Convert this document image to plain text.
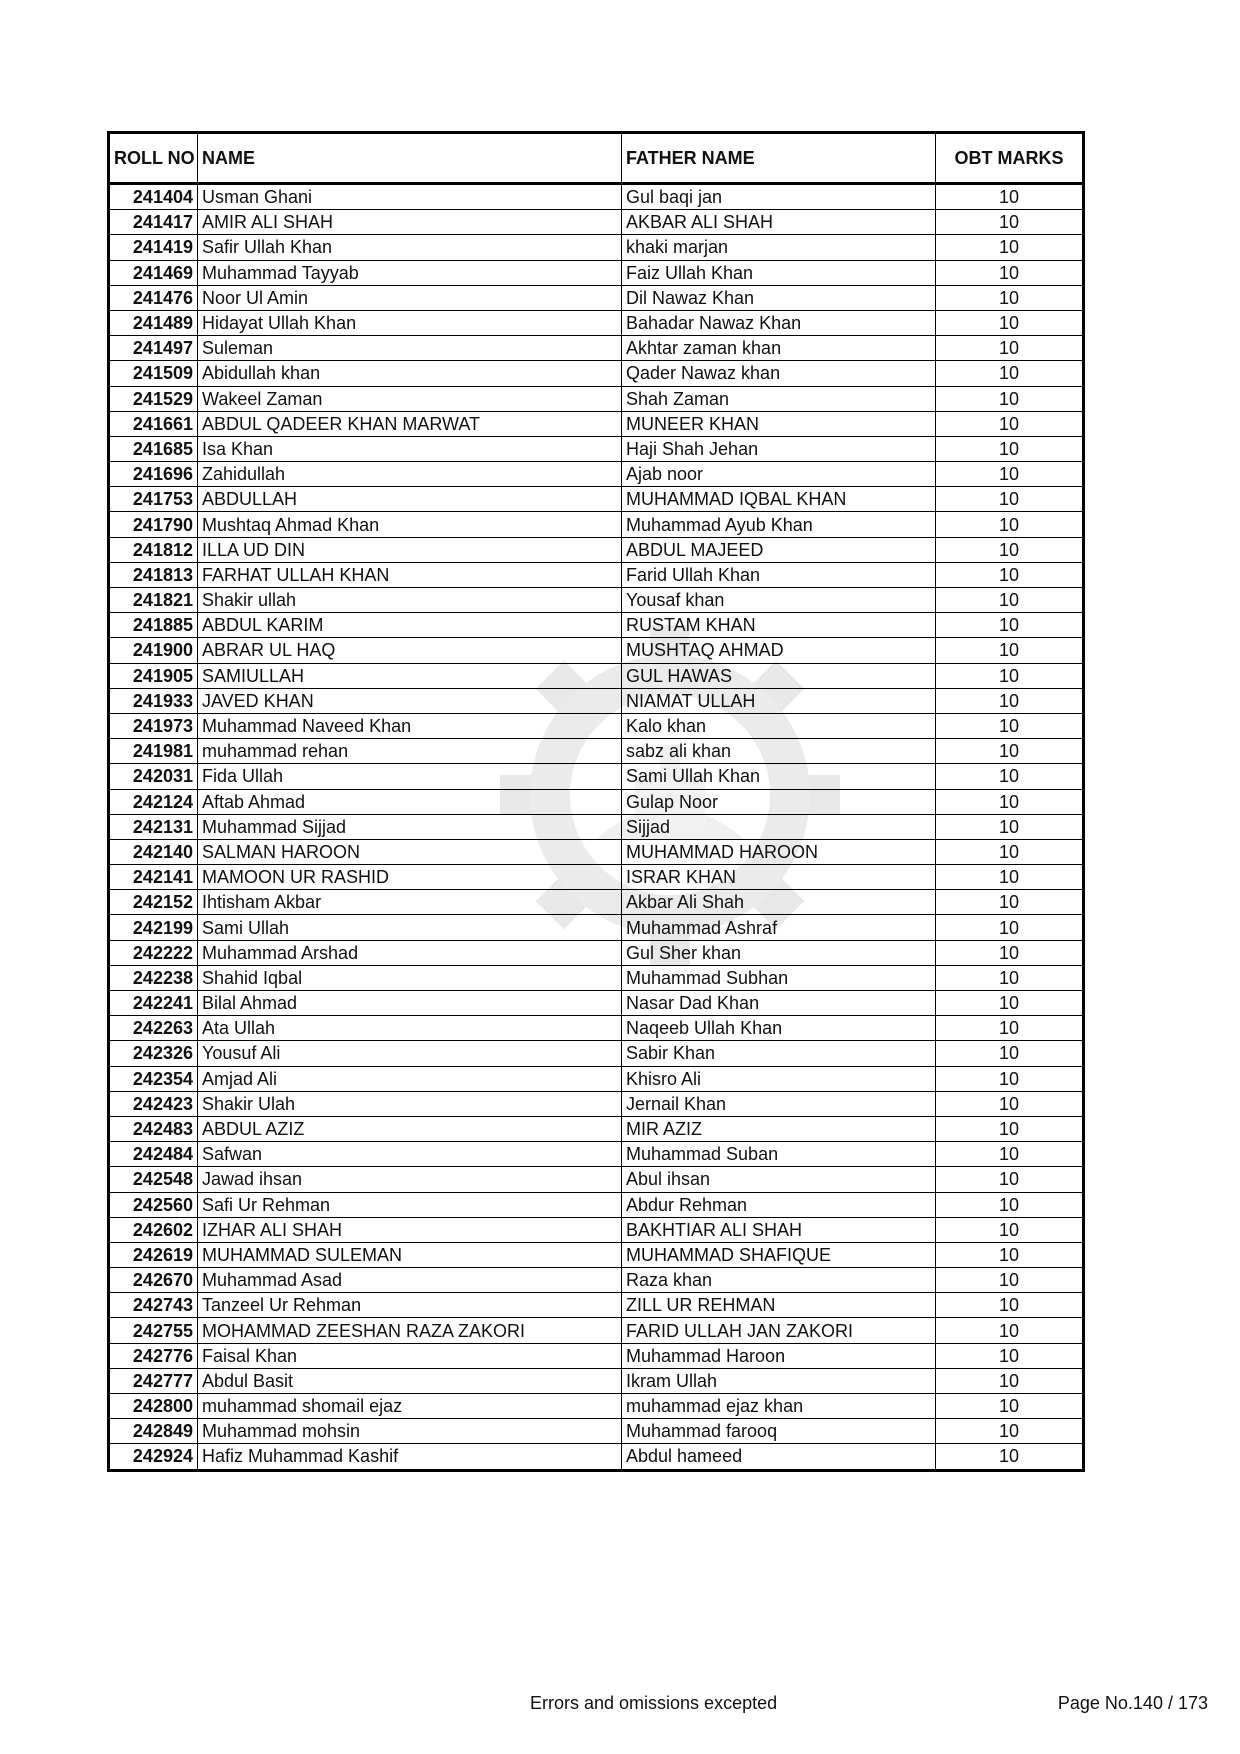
ROLL NO	NAME	FATHER NAME	OBT MARKS
241404	Usman Ghani	Gul baqi jan	10
241417	AMIR ALI SHAH	AKBAR ALI SHAH	10
241419	Safir Ullah Khan	khaki marjan	10
241469	Muhammad Tayyab	Faiz Ullah Khan	10
241476	Noor Ul Amin	Dil Nawaz Khan	10
241489	Hidayat Ullah Khan	Bahadar Nawaz Khan	10
241497	Suleman	Akhtar zaman khan	10
241509	Abidullah khan	Qader Nawaz khan	10
241529	Wakeel Zaman	Shah Zaman	10
241661	ABDUL QADEER KHAN MARWAT	MUNEER KHAN	10
241685	Isa Khan	Haji Shah Jehan	10
241696	Zahidullah	Ajab noor	10
241753	ABDULLAH	MUHAMMAD IQBAL KHAN	10
241790	Mushtaq Ahmad Khan	Muhammad Ayub Khan	10
241812	ILLA UD DIN	ABDUL MAJEED	10
241813	FARHAT ULLAH KHAN	Farid Ullah Khan	10
241821	Shakir ullah	Yousaf khan	10
241885	ABDUL KARIM	RUSTAM KHAN	10
241900	ABRAR UL HAQ	MUSHTAQ AHMAD	10
241905	SAMIULLAH	GUL HAWAS	10
241933	JAVED KHAN	NIAMAT ULLAH	10
241973	Muhammad Naveed Khan	Kalo khan	10
241981	muhammad rehan	sabz ali khan	10
242031	Fida Ullah	Sami Ullah Khan	10
242124	Aftab Ahmad	Gulap Noor	10
242131	Muhammad Sijjad	Sijjad	10
242140	SALMAN HAROON	MUHAMMAD HAROON	10
242141	MAMOON UR RASHID	ISRAR KHAN	10
242152	Ihtisham Akbar	Akbar Ali Shah	10
242199	Sami Ullah	Muhammad Ashraf	10
242222	Muhammad Arshad	Gul Sher khan	10
242238	Shahid Iqbal	Muhammad Subhan	10
242241	Bilal Ahmad	Nasar Dad Khan	10
242263	Ata Ullah	Naqeeb Ullah Khan	10
242326	Yousuf Ali	Sabir Khan	10
242354	Amjad Ali	Khisro Ali	10
242423	Shakir Ulah	Jernail Khan	10
242483	ABDUL AZIZ	MIR AZIZ	10
242484	Safwan	Muhammad Suban	10
242548	Jawad ihsan	Abul ihsan	10
242560	Safi Ur Rehman	Abdur Rehman	10
242602	IZHAR ALI SHAH	BAKHTIAR ALI SHAH	10
242619	MUHAMMAD SULEMAN	MUHAMMAD SHAFIQUE	10
242670	Muhammad Asad	Raza khan	10
242743	Tanzeel Ur Rehman	ZILL UR REHMAN	10
242755	MOHAMMAD ZEESHAN RAZA ZAKORI	FARID ULLAH JAN ZAKORI	10
242776	Faisal Khan	Muhammad Haroon	10
242777	Abdul Basit	Ikram Ullah	10
242800	muhammad shomail ejaz	muhammad ejaz khan	10
242849	Muhammad mohsin	Muhammad farooq	10
242924	Hafiz Muhammad Kashif	Abdul hameed	10
Errors and omissions excepted	Page No.140 / 173
